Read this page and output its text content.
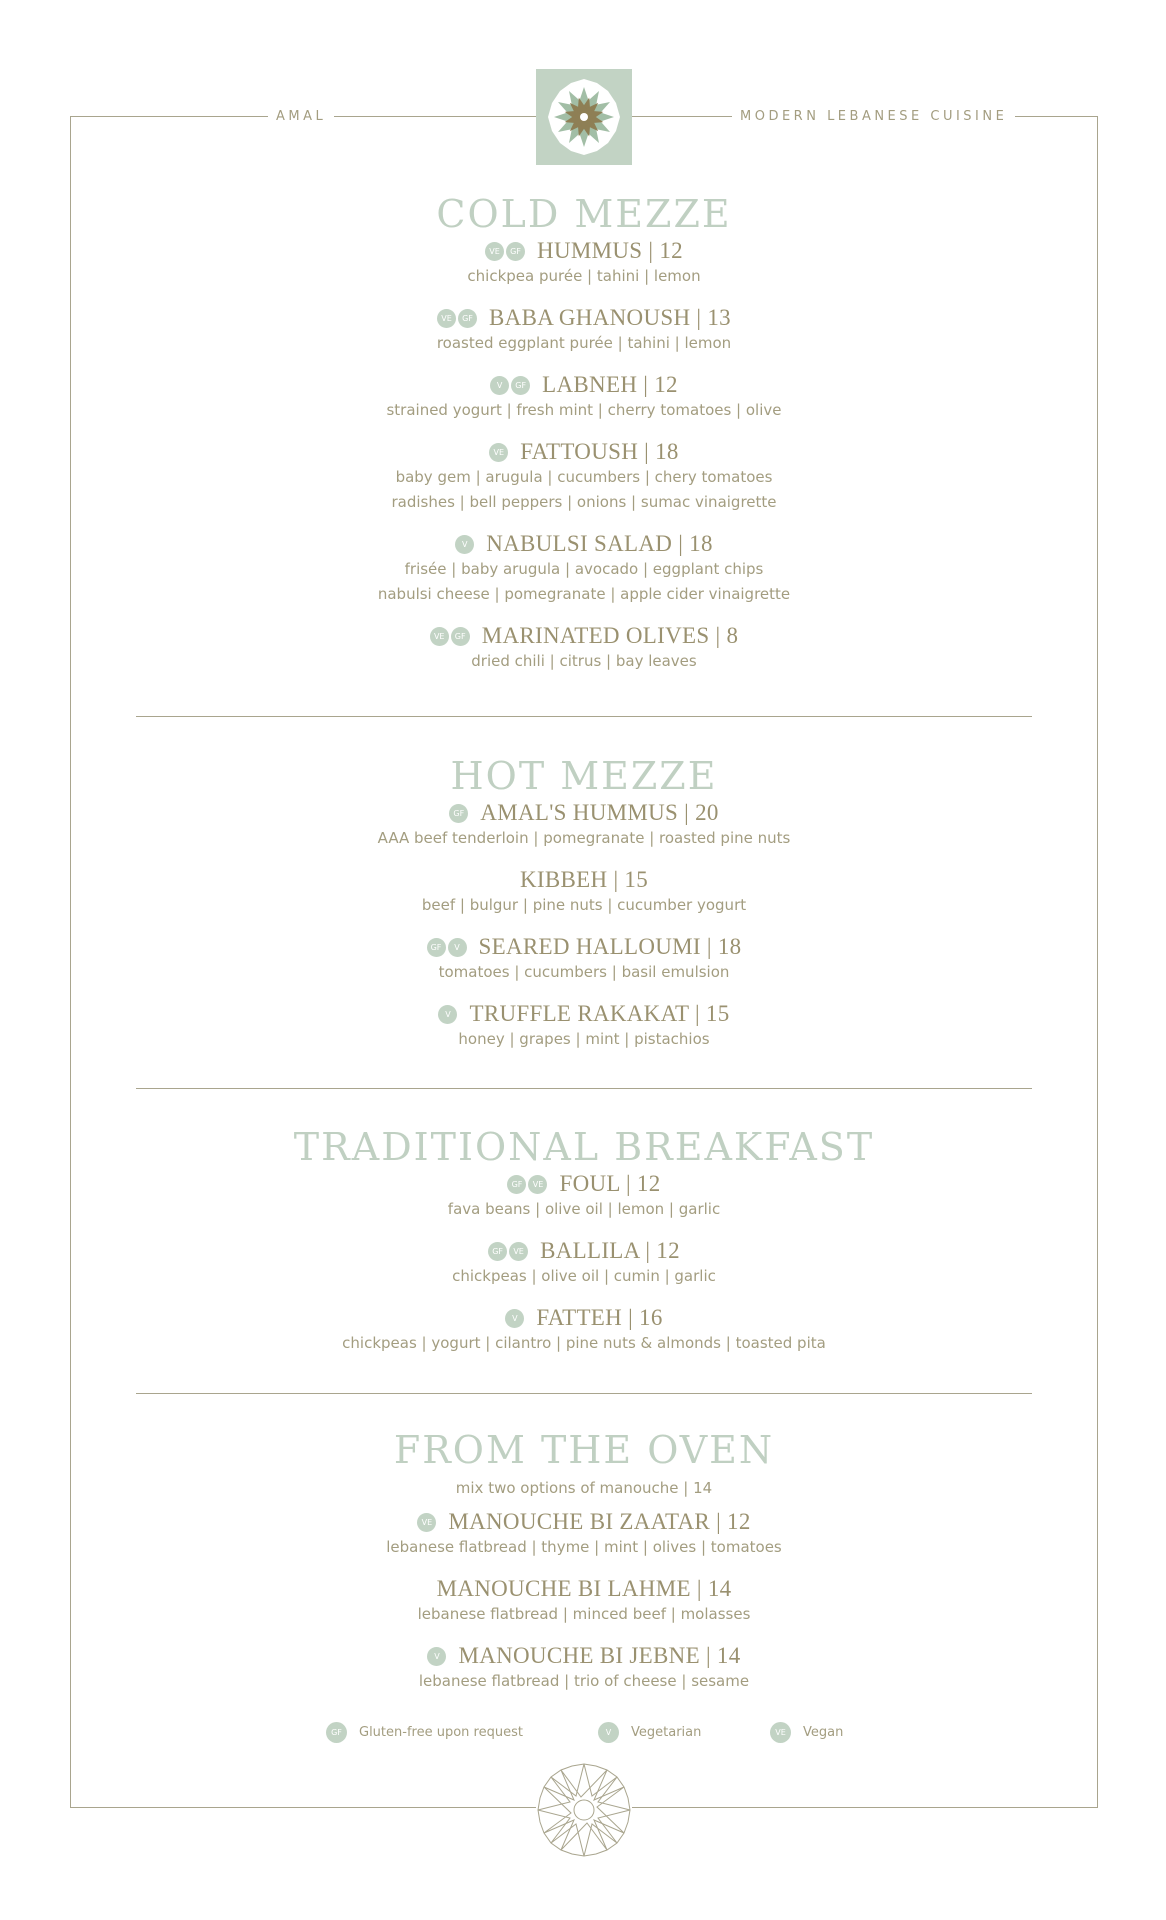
AMAL	MODERN LEBANESE CUISINE
COLD MEZZE
VE	GF HUMMUS | 12
chickpea purée | tahini | lemon
VE	GF BABA GHANOUSH | 13
roasted eggplant purée | tahini | lemon
V	GF LABNEH | 12
strained yogurt | fresh mint | cherry tomatoes | olive
VE FATTOUSH | 18
baby gem | arugula | cucumbers | chery tomatoes
radishes | bell peppers | onions | sumac vinaigrette
V NABULSI SALAD | 18
frisée | baby arugula | avocado | eggplant chips
nabulsi cheese | pomegranate | apple cider vinaigrette
VE	GF MARINATED OLIVES | 8
dried chili | citrus | bay leaves
HOT MEZZE
GF AMAL'S HUMMUS | 20
AAA beef tenderloin | pomegranate | roasted pine nuts
KIBBEH | 15
beef | bulgur | pine nuts | cucumber yogurt
GF	V SEARED HALLOUMI | 18
tomatoes | cucumbers | basil emulsion
V TRUFFLE RAKAKAT | 15
honey | grapes | mint | pistachios
TRADITIONAL BREAKFAST
GF	VE FOUL | 12
fava beans | olive oil | lemon | garlic
GF	VE BALLILA | 12
chickpeas | olive oil | cumin | garlic
V FATTEH | 16
chickpeas | yogurt | cilantro | pine nuts & almonds | toasted pita
FROM THE OVEN
mix two options of manouche | 14
VE MANOUCHE BI ZAATAR | 12
lebanese flatbread | thyme | mint | olives | tomatoes
MANOUCHE BI LAHME | 14
lebanese flatbread | minced beef | molasses
V MANOUCHE BI JEBNE | 14
lebanese flatbread | trio of cheese | sesame
GF	Gluten-free upon request	V	Vegetarian	VE	Vegan
